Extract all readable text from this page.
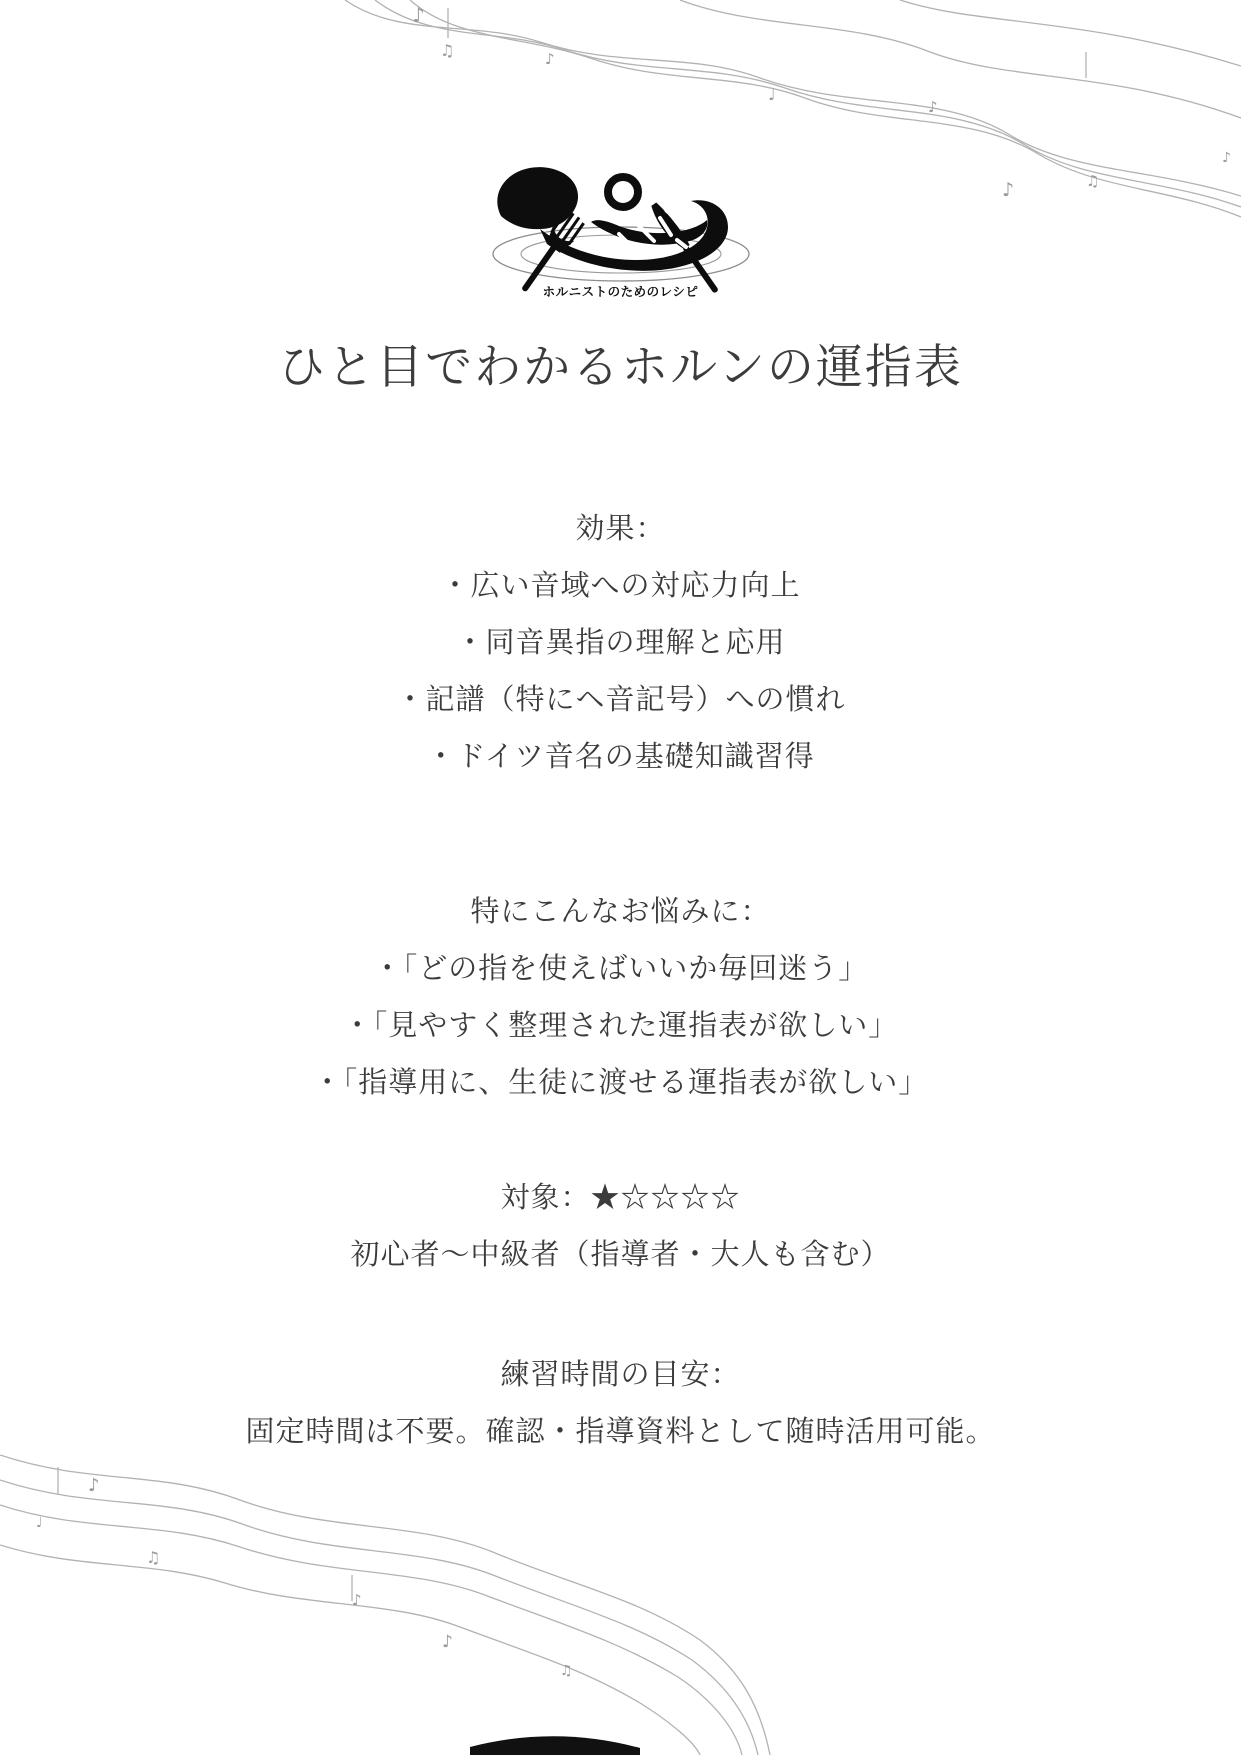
♪
♫	♪
♩
♪
♪	♫
♪
♪
♩
♫
♪
♪
♫
ホルニストのためのレシピ
ひと目でわかるホルンの運指表

効果：

・広い音域への対応力向上

・同音異指の理解と応用

・記譜（特にヘ音記号）への慣れ

・ドイツ音名の基礎知識習得

特にこんなお悩みに：

・「どの指を使えばいいか毎回迷う」

・「見やすく整理された運指表が欲しい」

・「指導用に、生徒に渡せる運指表が欲しい」

対象：★☆☆☆☆

初心者〜中級者（指導者・大人も含む）

練習時間の目安：

固定時間は不要。確認・指導資料として随時活用可能。
